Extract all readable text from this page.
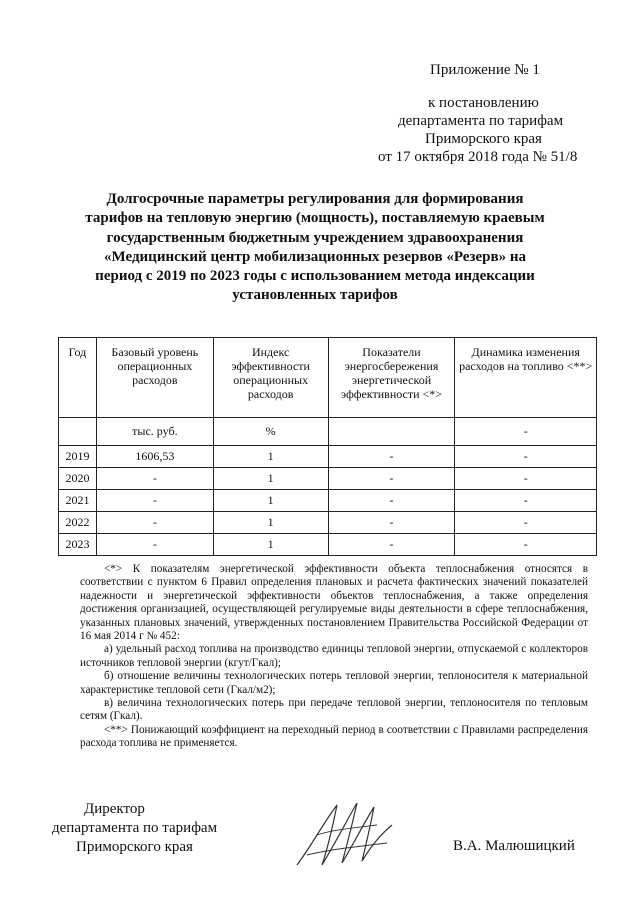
Приложение № 1
к постановлению
департамента по тарифам
Приморского края
от 17 октября 2018 года № 51/8
Долгосрочные параметры регулирования для формирования тарифов на тепловую энергию (мощность), поставляемую краевым государственным бюджетным учреждением здравоохранения «Медицинский центр мобилизационных резервов «Резерв» на период с 2019 по 2023 годы с использованием метода индексации установленных тарифов
Год	Базовый уровень операционных расходов	Индекс эффективности операционных расходов	Показатели энергосбережения энергетической эффективности <*>	Динамика изменения расходов на топливо <**>
	тыс. руб.	%		-
2019	1606,53	1	-	-
2020	-	1	-	-
2021	-	1	-	-
2022	-	1	-	-
2023	-	1	-	-

<*> К показателям энергетической эффективности объекта теплоснабжения относятся в соответствии с пунктом 6 Правил определения плановых и расчета фактических значений показателей надежности и энергетической эффективности объектов теплоснабжения, а также определения достижения организацией, осуществляющей регулируемые виды деятельности в сфере теплоснабжения, указанных плановых значений, утвержденных постановлением Правительства Российской Федерации от 16 мая 2014 г № 452:

а) удельный расход топлива на производство единицы тепловой энергии, отпускаемой с коллекторов источников тепловой энергии (кгут/Гкал);

б) отношение величины технологических потерь тепловой энергии, теплоносителя к материальной характеристике тепловой сети (Гкал/м2);

в) величина технологических потерь при передаче тепловой энергии, теплоносителя по тепловым сетям (Гкал).

<**> Понижающий коэффициент на переходный период в соответствии с Правилами распределения расхода топлива не применяется.

Директор
департамента по тарифам
Приморского края	В.А. Малюшицкий
